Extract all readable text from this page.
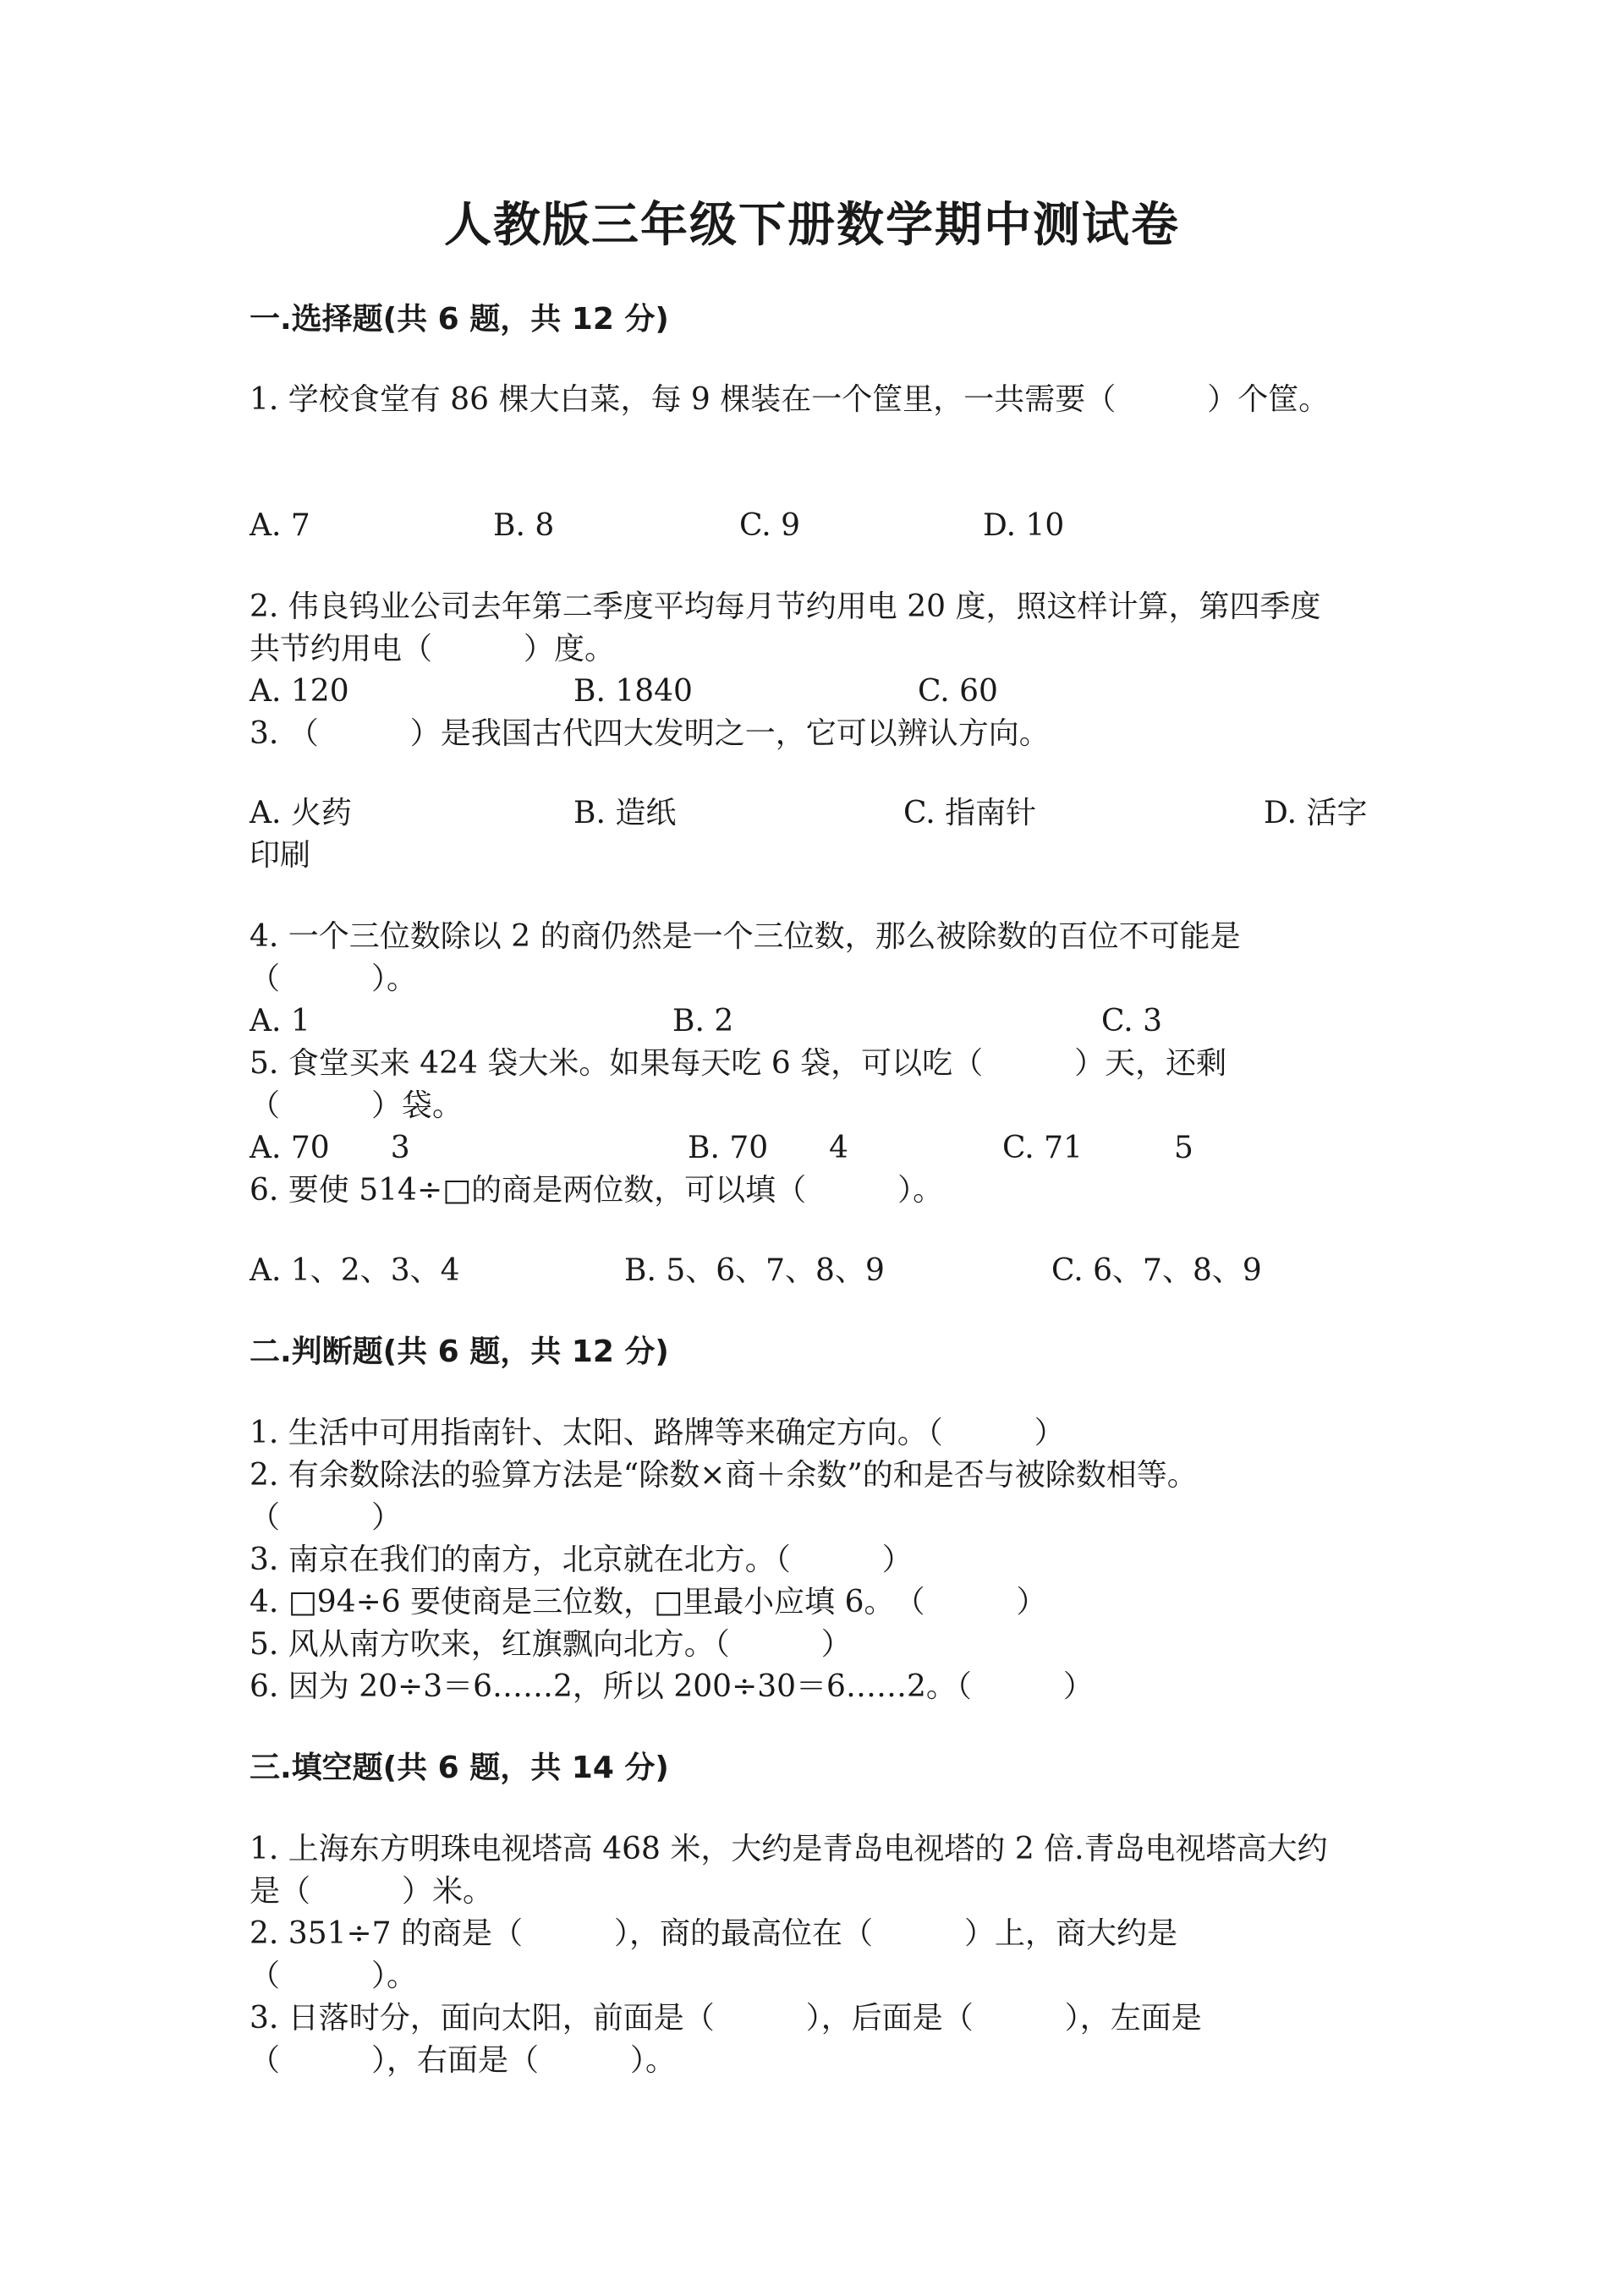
人教版三年级下册数学期中测试卷
一.选择题(共 6 题，共 12 分)
1. 学校食堂有 86 棵大白菜，每 9 棵装在一个筐里，一共需要（　　　）个筐。
A. 7	B. 8	C. 9	D. 10
2. 伟良钨业公司去年第二季度平均每月节约用电 20 度，照这样计算，第四季度
共节约用电（　　　）度。
A. 120	B. 1840	C. 60
3. （　　　）是我国古代四大发明之一，它可以辨认方向。
A. 火药	B. 造纸	C. 指南针	D. 活字
印刷
4. 一个三位数除以 2 的商仍然是一个三位数，那么被除数的百位不可能是
（　　　）。
A. 1	B. 2	C. 3
5. 食堂买来 424 袋大米。如果每天吃 6 袋，可以吃（　　　）天，还剩
（　　　）袋。
A. 70　　3	B. 70　　4	C. 71　　　5
6. 要使 514÷□的商是两位数，可以填（　　　）。
A. 1、2、3、4	B. 5、6、7、8、9	C. 6、7、8、9
二.判断题(共 6 题，共 12 分)
1. 生活中可用指南针、太阳、路牌等来确定方向。（　　　）
2. 有余数除法的验算方法是“除数×商＋余数”的和是否与被除数相等。
（　　　）
3. 南京在我们的南方，北京就在北方。（　　　）
4. □94÷6 要使商是三位数，□里最小应填 6。　（　　　）
5. 风从南方吹来，红旗飘向北方。（　　　）
6. 因为 20÷3＝6……2，所以 200÷30＝6……2。（　　　）
三.填空题(共 6 题，共 14 分)
1. 上海东方明珠电视塔高 468 米，大约是青岛电视塔的 2 倍.青岛电视塔高大约
是（　　　）米。
2. 351÷7 的商是（　　　），商的最高位在（　　　）上，商大约是
（　　　）。
3. 日落时分，面向太阳，前面是（　　　），后面是（　　　），左面是
（　　　），右面是（　　　）。
